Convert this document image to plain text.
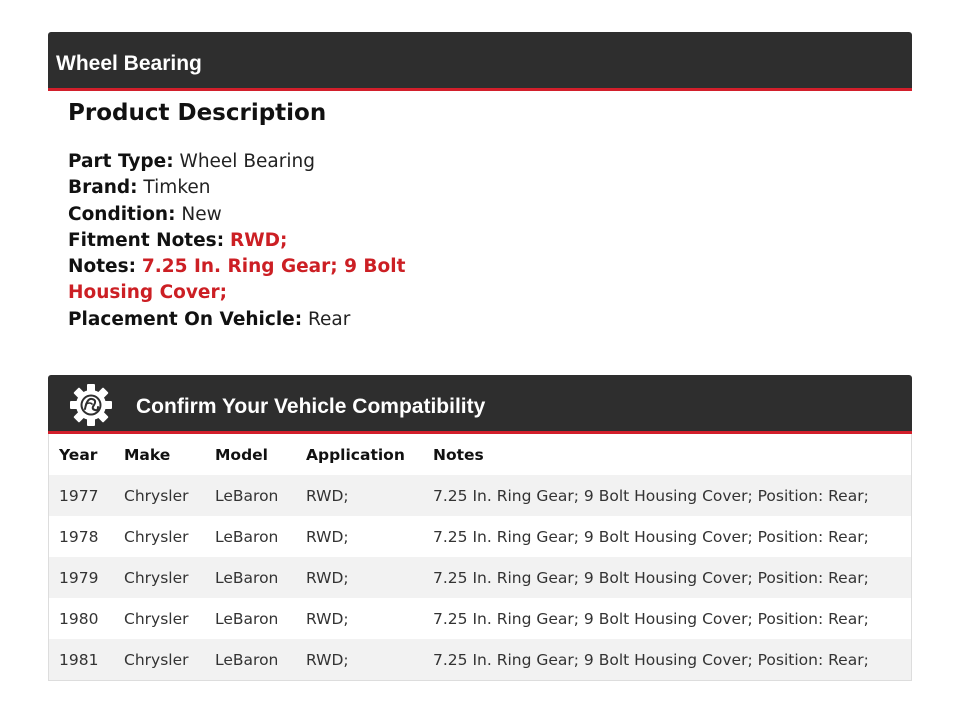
Wheel Bearing
Product Description
Part Type: Wheel Bearing
Brand: Timken
Condition: New
Fitment Notes: RWD;
Notes: 7.25 In. Ring Gear; 9 Bolt Housing Cover;
Placement On Vehicle: Rear
Confirm Your Vehicle Compatibility
Year	Make	Model	Application	Notes
1977	Chrysler	LeBaron	RWD;	7.25 In. Ring Gear; 9 Bolt Housing Cover; Position: Rear;
1978	Chrysler	LeBaron	RWD;	7.25 In. Ring Gear; 9 Bolt Housing Cover; Position: Rear;
1979	Chrysler	LeBaron	RWD;	7.25 In. Ring Gear; 9 Bolt Housing Cover; Position: Rear;
1980	Chrysler	LeBaron	RWD;	7.25 In. Ring Gear; 9 Bolt Housing Cover; Position: Rear;
1981	Chrysler	LeBaron	RWD;	7.25 In. Ring Gear; 9 Bolt Housing Cover; Position: Rear;
